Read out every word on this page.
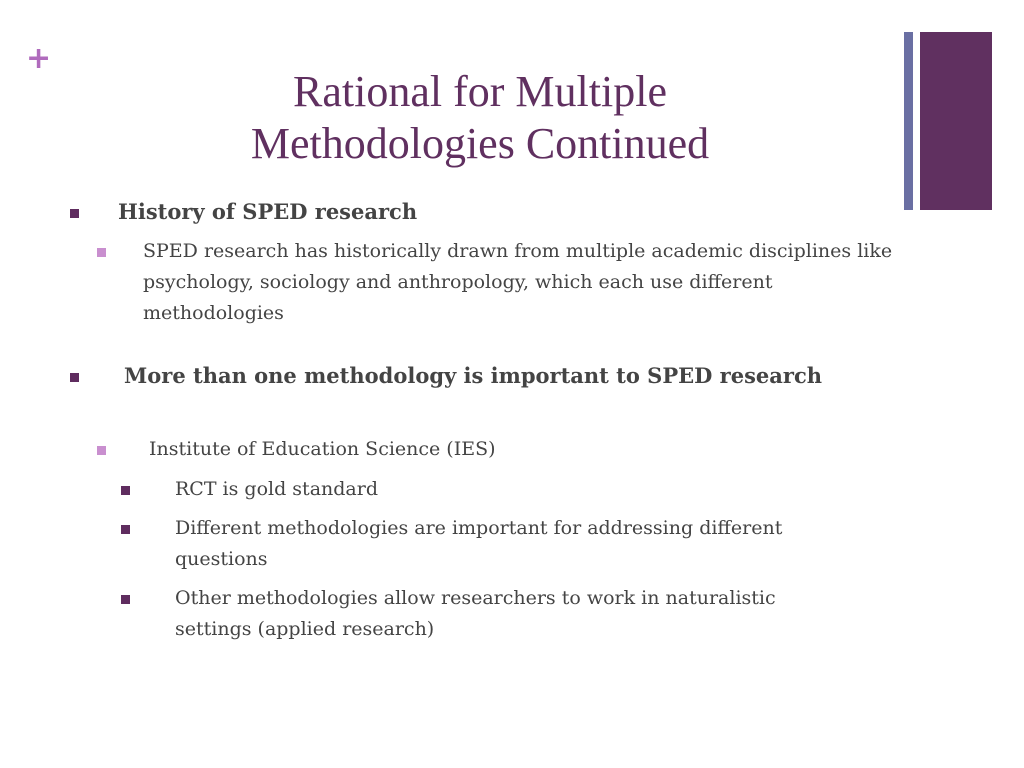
+
Rational for Multiple
Methodologies Continued
History of SPED research
SPED research has historically drawn from multiple academic disciplines like psychology, sociology and anthropology, which each use different methodologies
More than one methodology is important to SPED research
Institute of Education Science (IES)
RCT is gold standard
Different methodologies are important for addressing different questions
Other methodologies allow researchers to work in naturalistic settings (applied research)
